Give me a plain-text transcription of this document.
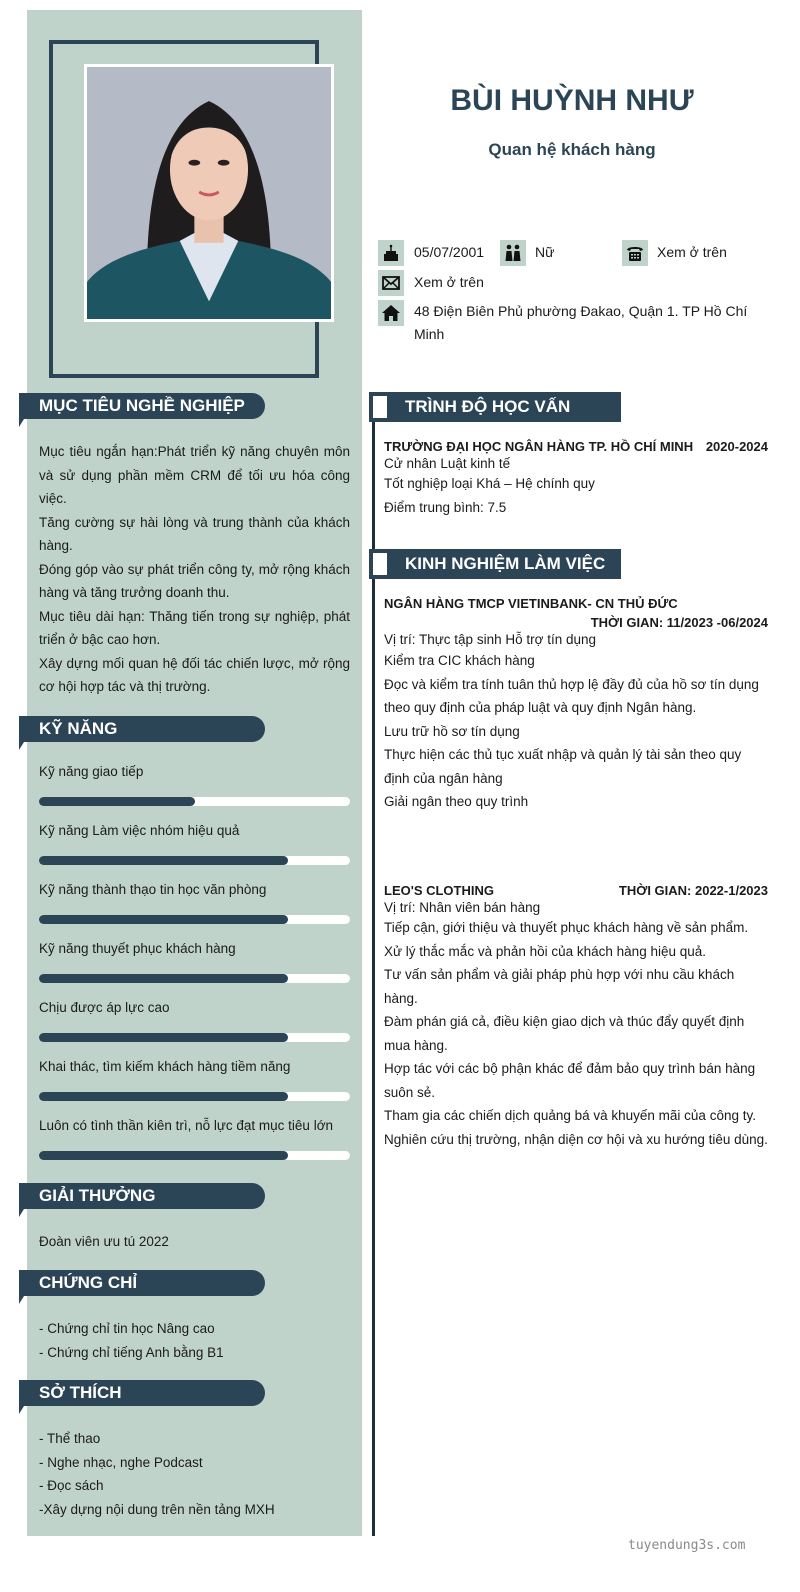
BÙI HUỲNH NHƯ
Quan hệ khách hàng
05/07/2001	Nữ	Xem ở trên
Xem ở trên
48 Điện Biên Phủ phường Đakao, Quận 1. TP Hồ Chí
Minh
MỤC TIÊU NGHỀ NGHIỆP

Mục tiêu ngắn hạn:Phát triển kỹ năng chuyên môn và sử dụng phần mềm CRM để tối ưu hóa công việc.

Tăng cường sự hài lòng và trung thành của khách hàng.

Đóng góp vào sự phát triển công ty, mở rộng khách hàng và tăng trưởng doanh thu.

Mục tiêu dài hạn: Thăng tiến trong sự nghiệp, phát triển ở bậc cao hơn.

Xây dựng mối quan hệ đối tác chiến lược, mở rộng cơ hội hợp tác và thị trường.

KỸ NĂNG
Kỹ năng giao tiếp
Kỹ năng Làm việc nhóm hiệu quả
Kỹ năng thành thạo tin học văn phòng
Kỹ năng thuyết phục khách hàng
Chịu được áp lực cao
Khai thác, tìm kiếm khách hàng tiềm năng
Luôn có tình thần kiên trì, nỗ lực đạt mục tiêu lớn
GIẢI THƯỞNG
Đoàn viên ưu tú 2022
CHỨNG CHỈ
- Chứng chỉ tin học Nâng cao
- Chứng chỉ tiếng Anh bằng B1
SỞ THÍCH
- Thể thao
- Nghe nhạc, nghe Podcast
- Đọc sách
-Xây dựng nội dung trên nền tảng MXH
TRÌNH ĐỘ HỌC VẤN
TRƯỜNG ĐẠI HỌC NGÂN HÀNG TP. HỒ CHÍ MINH 2020-2024
Cử nhân Luật kinh tế
Tốt nghiệp loại Khá – Hệ chính quy
Điểm trung bình: 7.5
KINH NGHIỆM LÀM VIỆC
NGÂN HÀNG TMCP VIETINBANK- CN THỦ ĐỨC
THỜI GIAN: 11/2023 -06/2024
Vị trí: Thực tập sinh Hỗ trợ tín dụng
Kiểm tra CIC khách hàng
Đọc và kiểm tra tính tuân thủ hợp lệ đầy đủ của hồ sơ tín dụng theo quy định của pháp luật và quy định Ngân hàng.
Lưu trữ hồ sơ tín dụng
Thực hiện các thủ tục xuất nhập và quản lý tài sản theo quy định của ngân hàng
Giải ngân theo quy trình
LEO'S CLOTHING	THỜI GIAN: 2022-1/2023
Vị trí: Nhân viên bán hàng
Tiếp cận, giới thiệu và thuyết phục khách hàng về sản phẩm.
Xử lý thắc mắc và phản hồi của khách hàng hiệu quả.
Tư vấn sản phẩm và giải pháp phù hợp với nhu cầu khách hàng.
Đàm phán giá cả, điều kiện giao dịch và thúc đẩy quyết định mua hàng.
Hợp tác với các bộ phận khác để đảm bảo quy trình bán hàng suôn sẻ.
Tham gia các chiến dịch quảng bá và khuyến mãi của công ty.
Nghiên cứu thị trường, nhận diện cơ hội và xu hướng tiêu dùng.
tuyendung3s.com
